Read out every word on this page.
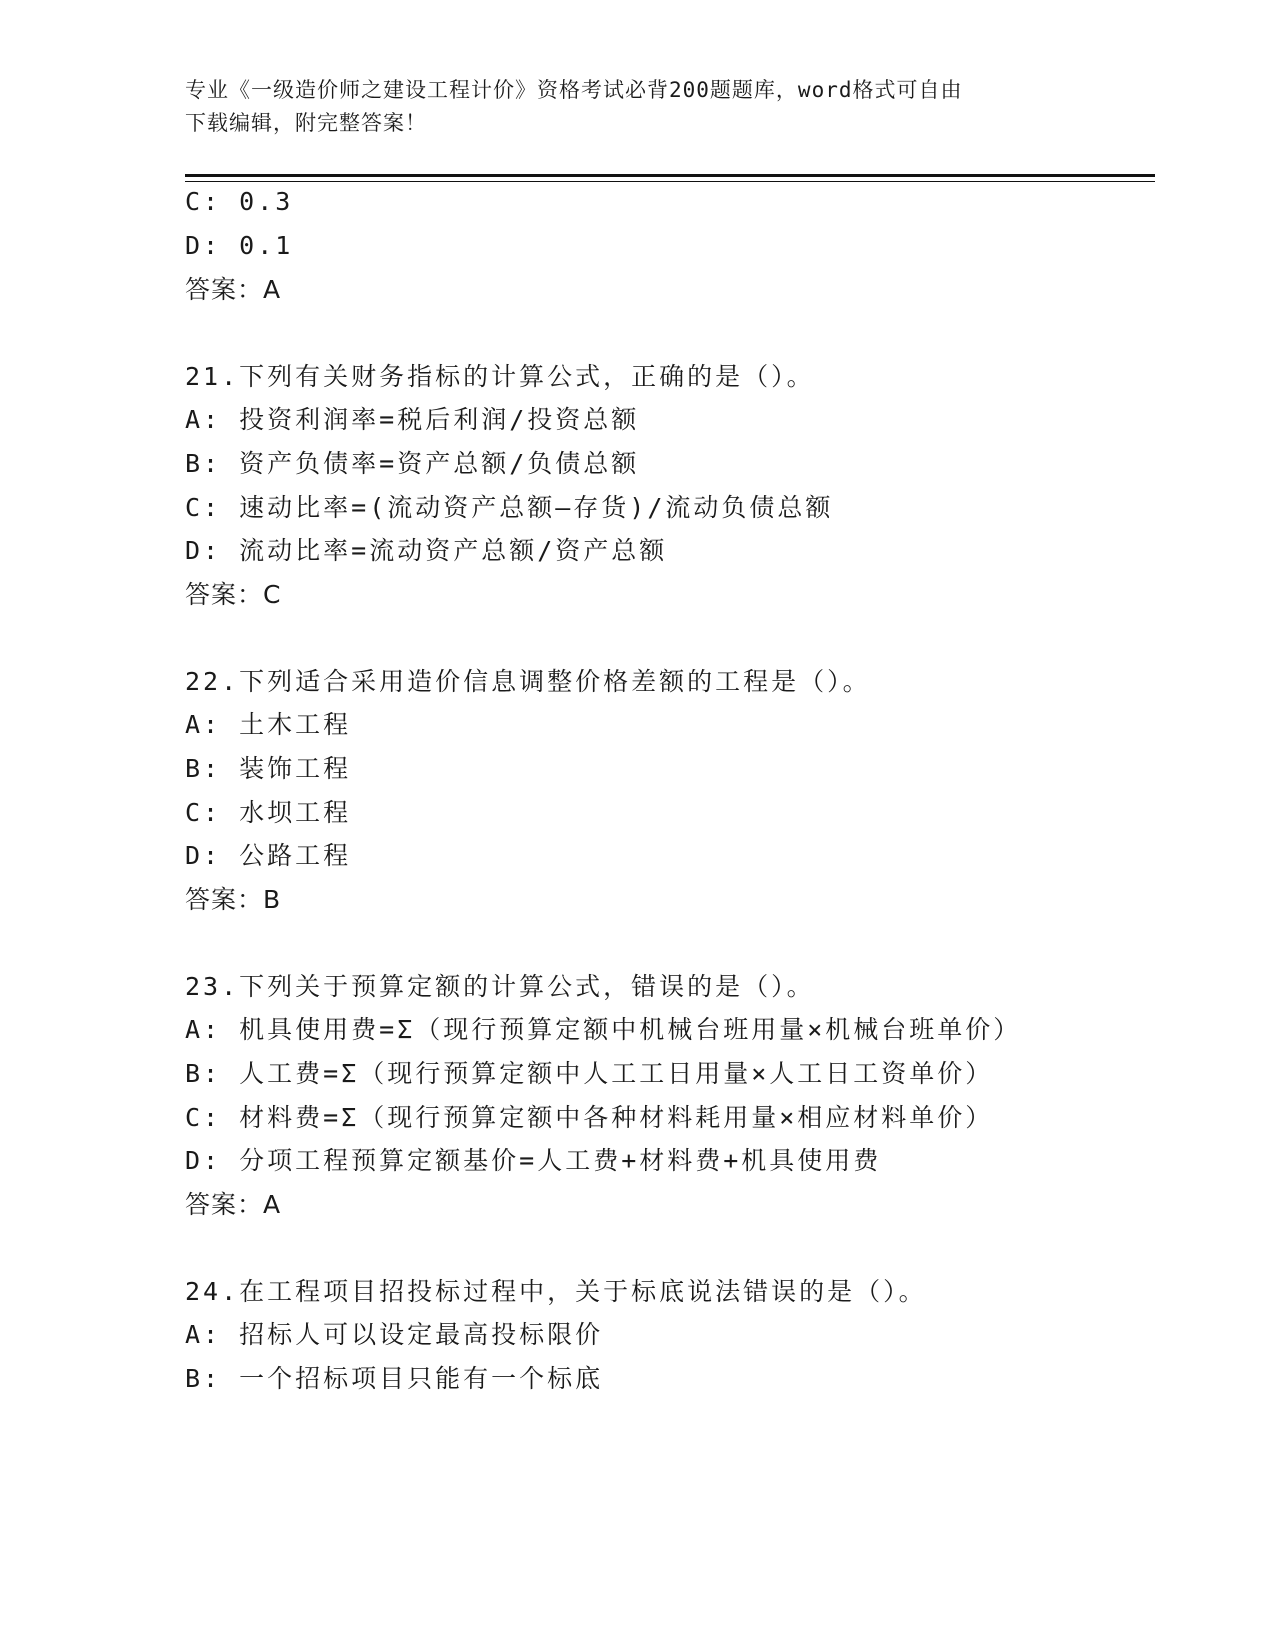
专业《一级造价师之建设工程计价》资格考试必背200题题库，word格式可自由
下载编辑，附完整答案！
C: 0.3
D: 0.1
答案：A
21.下列有关财务指标的计算公式，正确的是（）。
A: 投资利润率=税后利润/投资总额
B: 资产负债率=资产总额/负债总额
C: 速动比率=(流动资产总额—存货)/流动负债总额
D: 流动比率=流动资产总额/资产总额
答案：C
22.下列适合采用造价信息调整价格差额的工程是（）。
A: 土木工程
B: 装饰工程
C: 水坝工程
D: 公路工程
答案：B
23.下列关于预算定额的计算公式，错误的是（）。
A: 机具使用费=Σ（现行预算定额中机械台班用量×机械台班单价）
B: 人工费=Σ（现行预算定额中人工工日用量×人工日工资单价）
C: 材料费=Σ（现行预算定额中各种材料耗用量×相应材料单价）
D: 分项工程预算定额基价=人工费+材料费+机具使用费
答案：A
24.在工程项目招投标过程中，关于标底说法错误的是（）。
A: 招标人可以设定最高投标限价
B: 一个招标项目只能有一个标底
